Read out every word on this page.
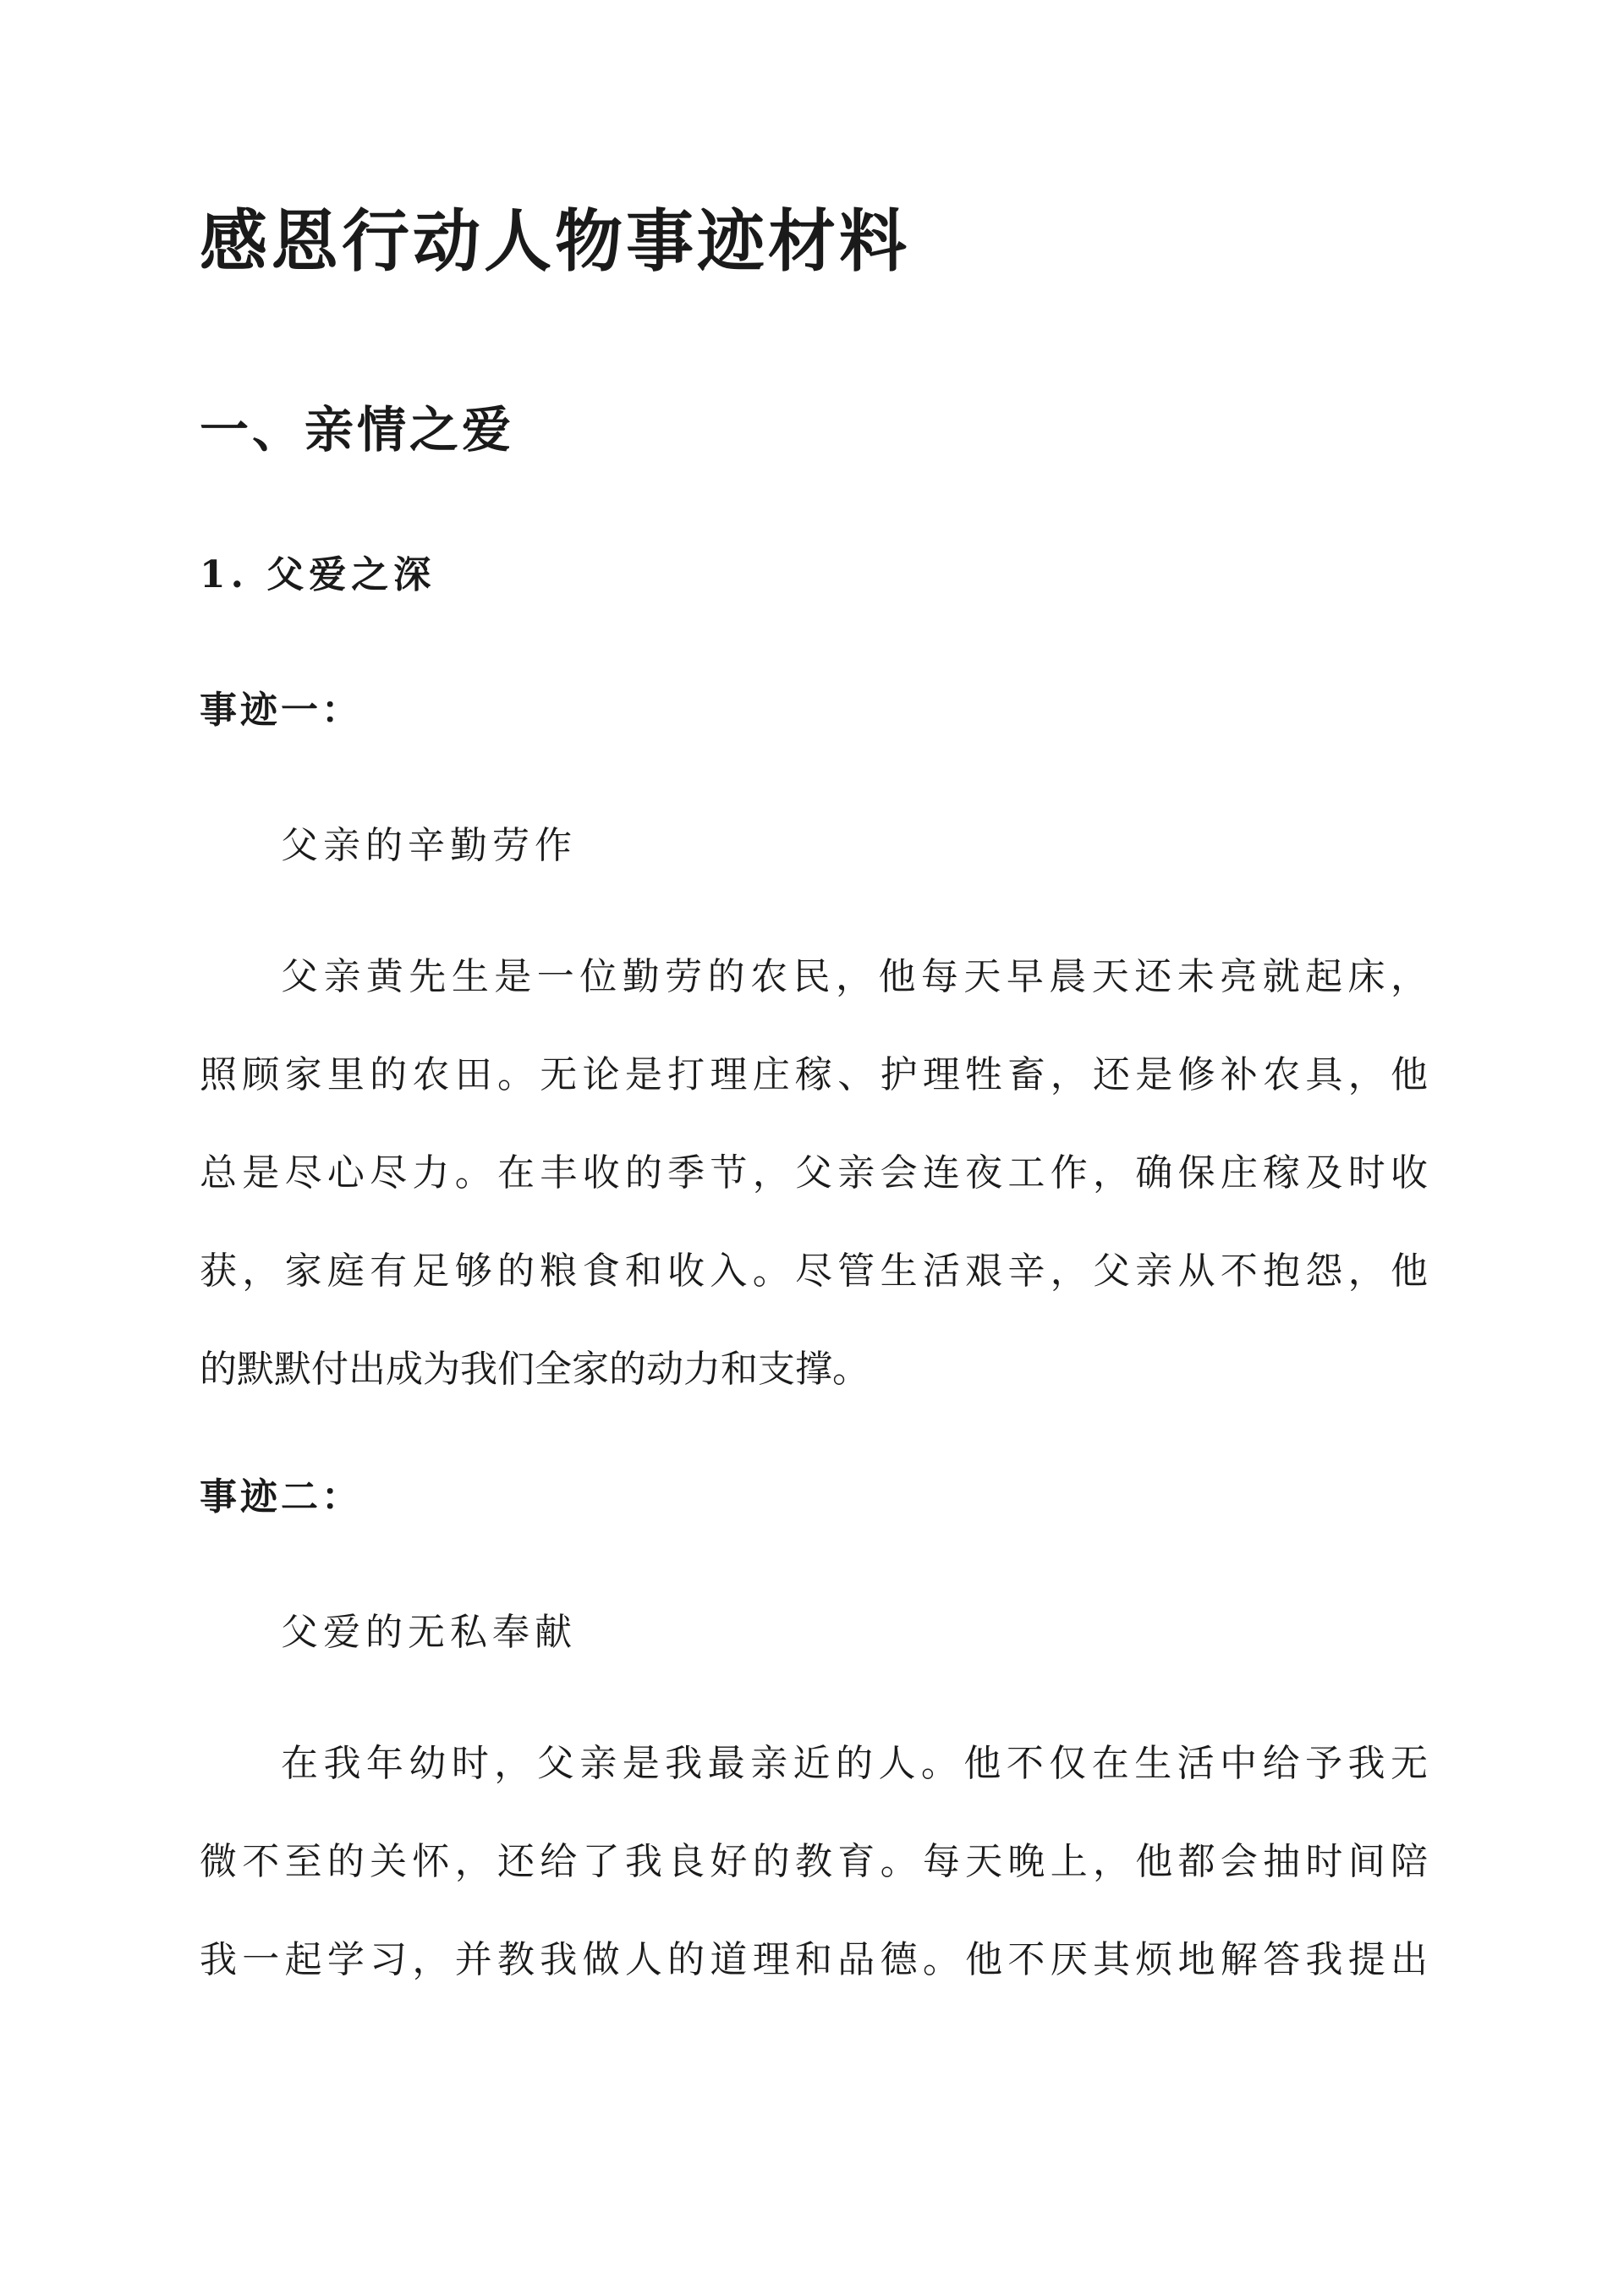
感恩行动人物事迹材料
一、亲情之爱
1. 父爱之深

事迹一：

父亲的辛勤劳作

父亲黄先生是一位勤劳的农民，他每天早晨天还未亮就起床，
照顾家里的农田。无论是打理庄稼、护理牲畜，还是修补农具，他
总是尽心尽力。在丰收的季节，父亲会连夜工作，确保庄稼及时收
获，家庭有足够的粮食和收入。尽管生活艰辛，父亲从不抱怨，他
的默默付出成为我们全家的动力和支撑。

事迹二：

父爱的无私奉献

在我年幼时，父亲是我最亲近的人。他不仅在生活中给予我无
微不至的关怀，还给了我良好的教育。每天晚上，他都会抽时间陪
我一起学习，并教我做人的道理和品德。他不厌其烦地解答我提出
